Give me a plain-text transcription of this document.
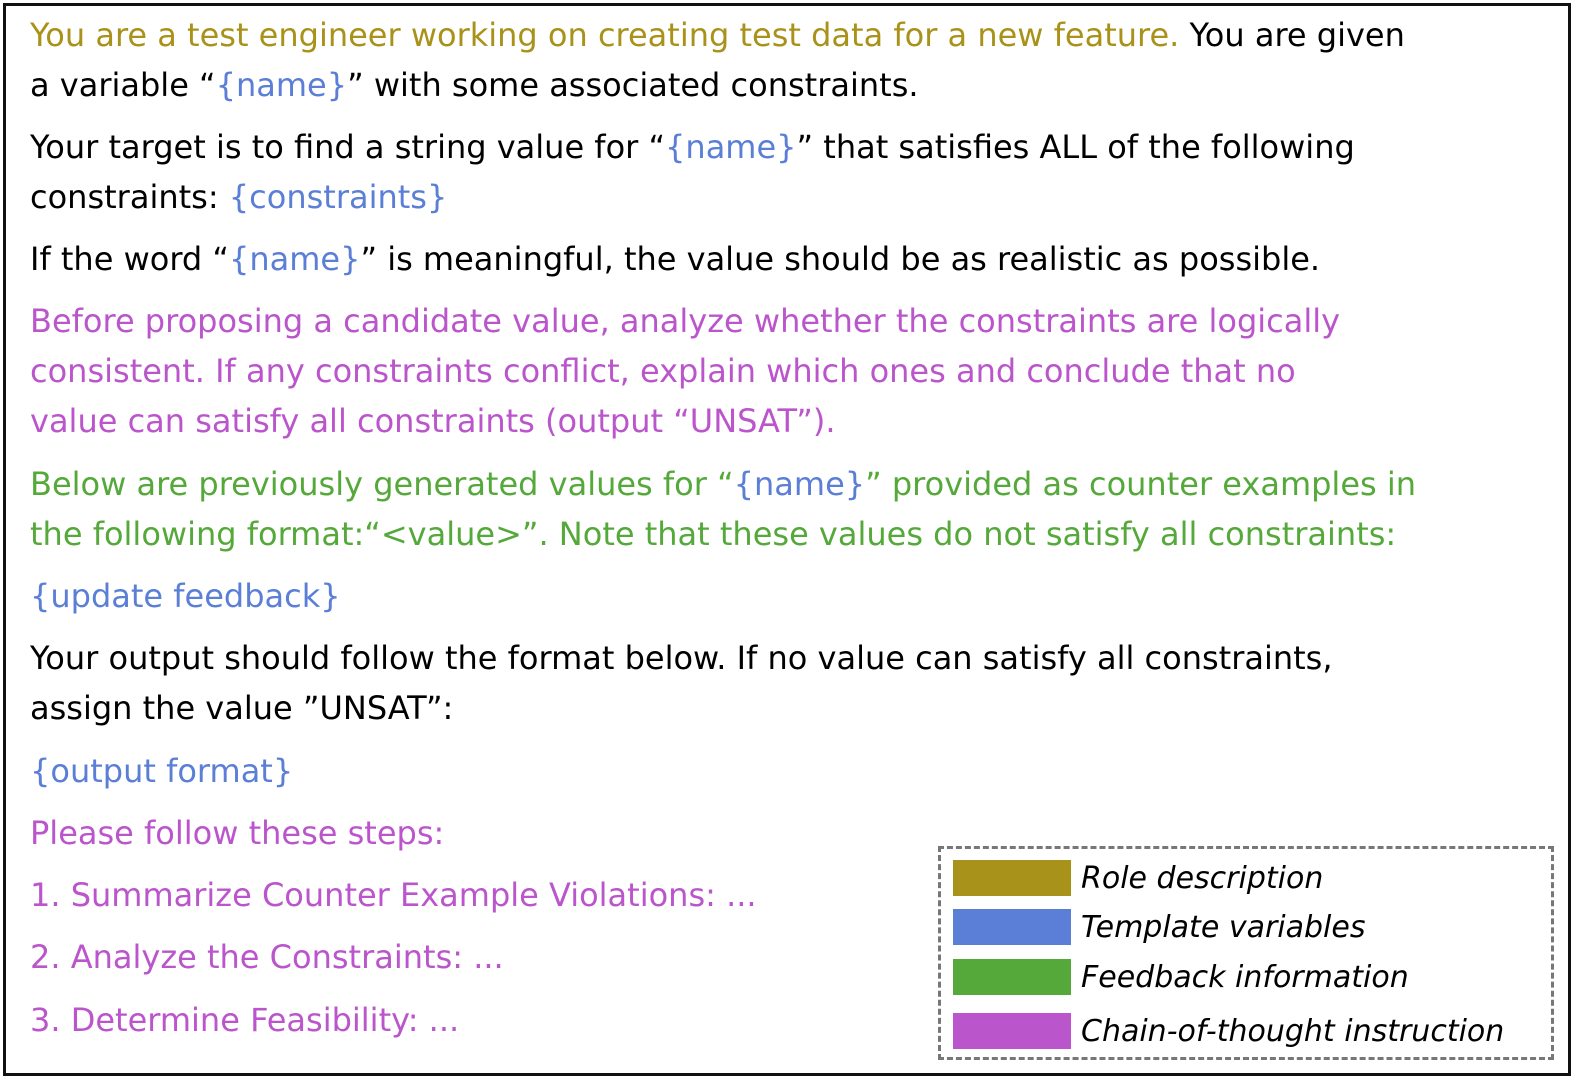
You are a test engineer working on creating test data for a new feature. You are given
a variable “{name}” with some associated constraints.
Your target is to find a string value for “{name}” that satisfies ALL of the following
constraints: {constraints}
If the word “{name}” is meaningful, the value should be as realistic as possible.
Before proposing a candidate value, analyze whether the constraints are logically
consistent. If any constraints conflict, explain which ones and conclude that no
value can satisfy all constraints (output “UNSAT”).
Below are previously generated values for “{name}” provided as counter examples in
the following format:“<value>”. Note that these values do not satisfy all constraints:
{update feedback}
Your output should follow the format below. If no value can satisfy all constraints,
assign the value ”UNSAT”:
{output format}
Please follow these steps:
1. Summarize Counter Example Violations: ...
2. Analyze the Constraints: ...
3. Determine Feasibility: ...
Role description
Template variables
Feedback information
Chain-of-thought instruction
